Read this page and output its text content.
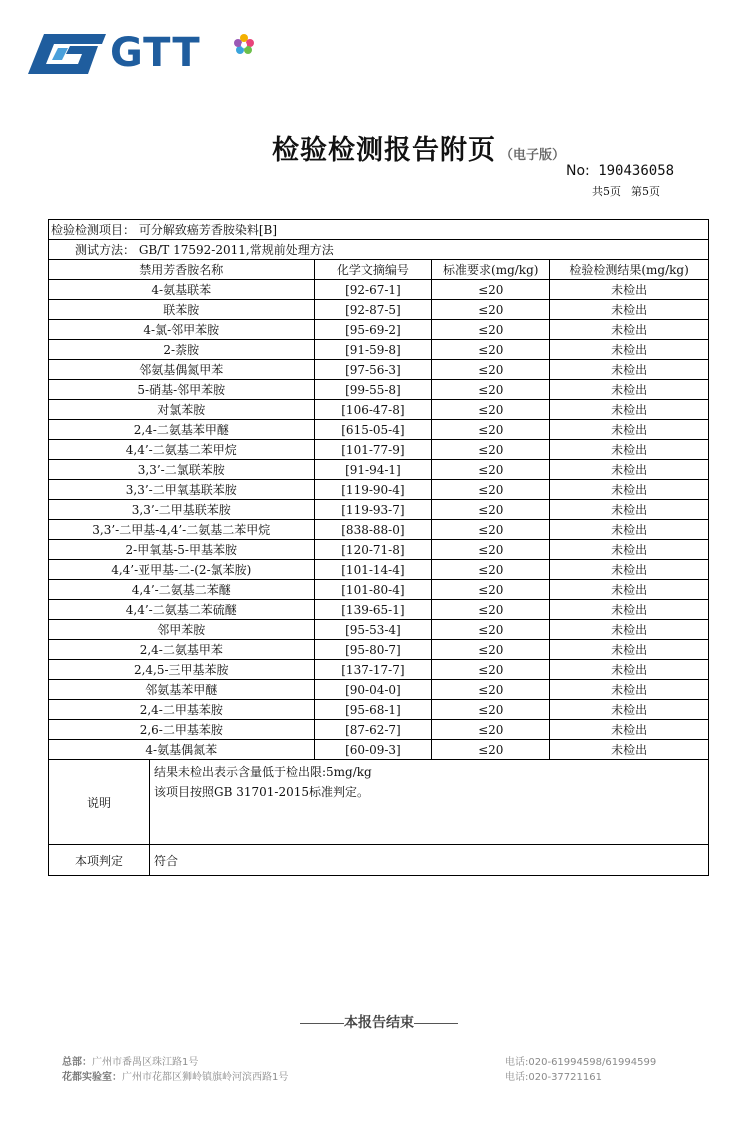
GTT
检验检测报告附页 （电子版）
No: 190436058
共5页 第5页
检验检测项目： 可分解致癌芳香胺染料[B]
测试方法： GB/T 17592-2011,常规前处理方法
禁用芳香胺名称	化学文摘编号	标准要求(mg/kg)	检验检测结果(mg/kg)
4-氨基联苯	[92-67-1]	≤20	未检出
联苯胺	[92-87-5]	≤20	未检出
4-氯-邻甲苯胺	[95-69-2]	≤20	未检出
2-萘胺	[91-59-8]	≤20	未检出
邻氨基偶氮甲苯	[97-56-3]	≤20	未检出
5-硝基-邻甲苯胺	[99-55-8]	≤20	未检出
对氯苯胺	[106-47-8]	≤20	未检出
2,4-二氨基苯甲醚	[615-05-4]	≤20	未检出
4,4’-二氨基二苯甲烷	[101-77-9]	≤20	未检出
3,3’-二氯联苯胺	[91-94-1]	≤20	未检出
3,3’-二甲氧基联苯胺	[119-90-4]	≤20	未检出
3,3’-二甲基联苯胺	[119-93-7]	≤20	未检出
3,3’-二甲基-4,4’-二氨基二苯甲烷	[838-88-0]	≤20	未检出
2-甲氧基-5-甲基苯胺	[120-71-8]	≤20	未检出
4,4’-亚甲基-二-(2-氯苯胺)	[101-14-4]	≤20	未检出
4,4’-二氨基二苯醚	[101-80-4]	≤20	未检出
4,4’-二氨基二苯硫醚	[139-65-1]	≤20	未检出
邻甲苯胺	[95-53-4]	≤20	未检出
2,4-二氨基甲苯	[95-80-7]	≤20	未检出
2,4,5-三甲基苯胺	[137-17-7]	≤20	未检出
邻氨基苯甲醚	[90-04-0]	≤20	未检出
2,4-二甲基苯胺	[95-68-1]	≤20	未检出
2,6-二甲基苯胺	[87-62-7]	≤20	未检出
4-氨基偶氮苯	[60-09-3]	≤20	未检出

说明	
结果未检出表示含量低于检出限:5mg/kg
该项目按照GB 31701-2015标准判定。

本项判定	符合
本报告结束
总部：广州市番禺区珠江路1号
花都实验室：广州市花都区狮岭镇旗岭河滨西路1号
电话:020-61994598/61994599
电话:020-37721161
